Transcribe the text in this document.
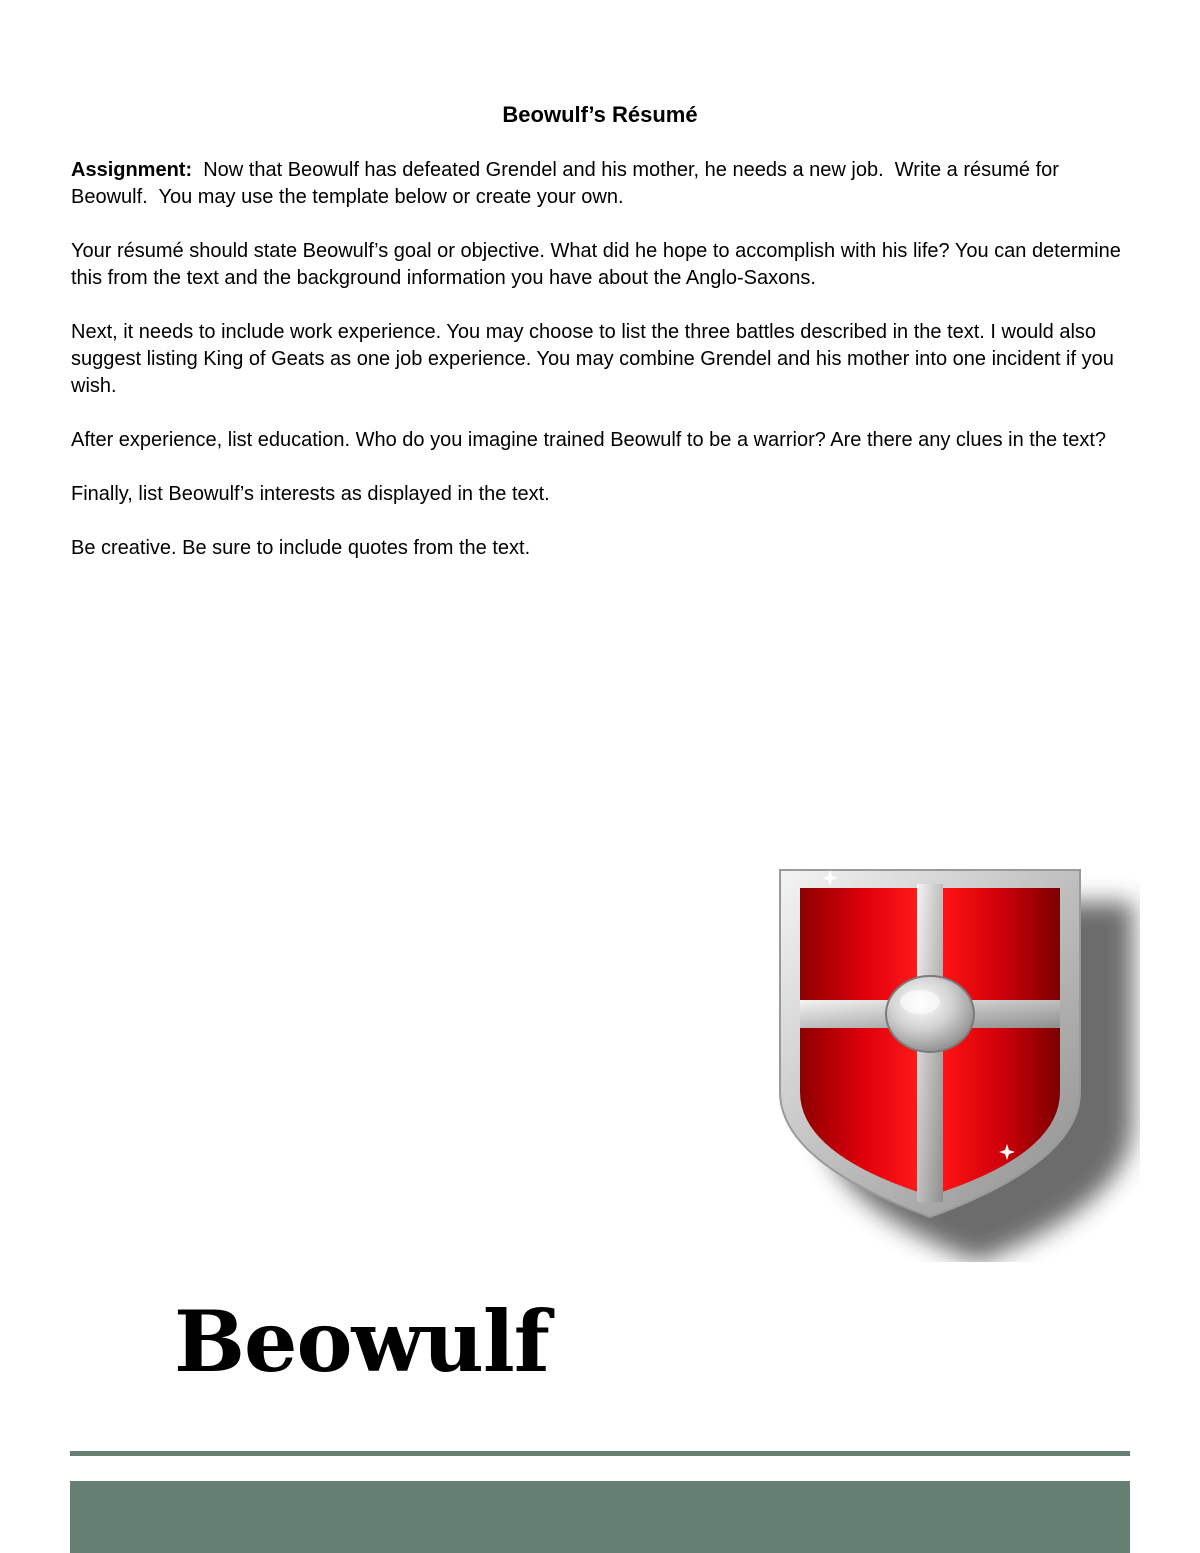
Beowulf’s Résumé

Assignment:  Now that Beowulf has defeated Grendel and his mother, he needs a new job.  Write a résumé for Beowulf.  You may use the template below or create your own.

Your résumé should state Beowulf’s goal or objective. What did he hope to accomplish with his life? You can determine this from the text and the background information you have about the Anglo-Saxons.

Next, it needs to include work experience. You may choose to list the three battles described in the text. I would also suggest listing King of Geats as one job experience. You may combine Grendel and his mother into one incident if you wish.

After experience, list education. Who do you imagine trained Beowulf to be a warrior? Are there any clues in the text?

Finally, list Beowulf’s interests as displayed in the text.

Be creative. Be sure to include quotes from the text.

Beowulf
